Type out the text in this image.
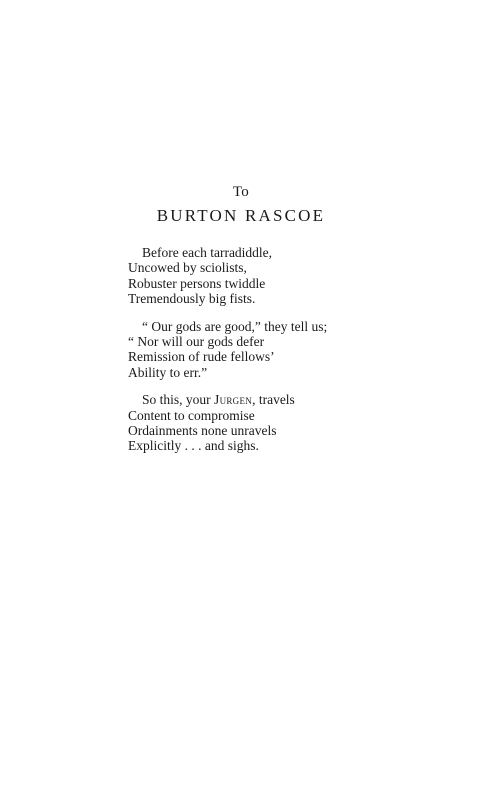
To
BURTON RASCOE
Before each tarradiddle,
Uncowed by sciolists,
Robuster persons twiddle
Tremendously big fists.
“ Our gods are good,” they tell us;
“ Nor will our gods defer
Remission of rude fellows’
Ability to err.”
So this, your Jurgen, travels
Content to compromise
Ordainments none unravels
Explicitly . . . and sighs.
